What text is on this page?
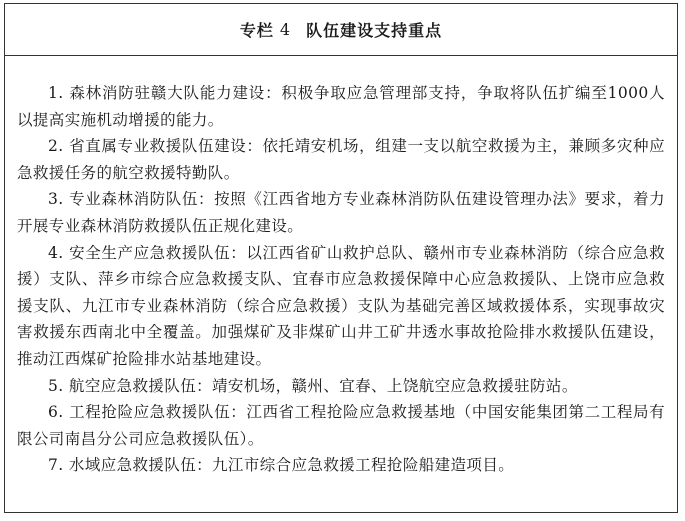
专栏 4 队伍建设支持重点

1. 森林消防驻赣大队能力建设：积极争取应急管理部支持，争取将队伍扩编至1000人以提高实施机动增援的能力。

2. 省直属专业救援队伍建设：依托靖安机场，组建一支以航空救援为主，兼顾多灾种应急救援任务的航空救援特勤队。

3. 专业森林消防队伍：按照《江西省地方专业森林消防队伍建设管理办法》要求，着力开展专业森林消防救援队伍正规化建设。

4. 安全生产应急救援队伍：以江西省矿山救护总队、赣州市专业森林消防（综合应急救援）支队、萍乡市综合应急救援支队、宜春市应急救援保障中心应急救援队、上饶市应急救援支队、九江市专业森林消防（综合应急救援）支队为基础完善区域救援体系，实现事故灾害救援东西南北中全覆盖。加强煤矿及非煤矿山井工矿井透水事故抢险排水救援队伍建设，推动江西煤矿抢险排水站基地建设。

5. 航空应急救援队伍：靖安机场，赣州、宜春、上饶航空应急救援驻防站。

6. 工程抢险应急救援队伍：江西省工程抢险应急救援基地（中国安能集团第二工程局有限公司南昌分公司应急救援队伍）。

7. 水域应急救援队伍：九江市综合应急救援工程抢险船建造项目。
